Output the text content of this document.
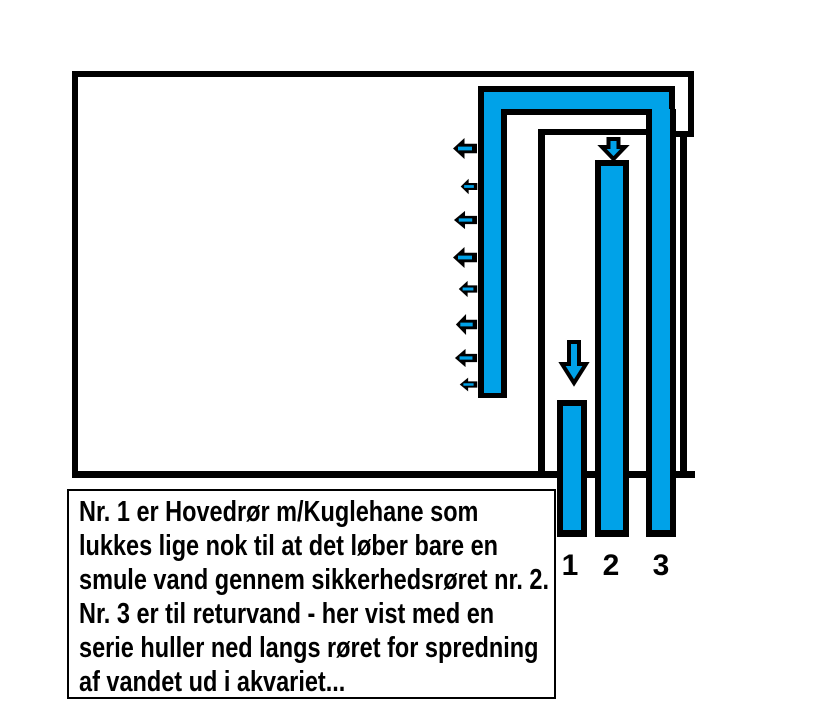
1 2	3
Nr. 1 er Hovedrør m/Kuglehane som
lukkes lige nok til at det løber bare en
smule vand gennem sikkerhedsrøret nr. 2.
Nr. 3 er til returvand - her vist med en
serie huller ned langs røret for spredning
af vandet ud i akvariet...
